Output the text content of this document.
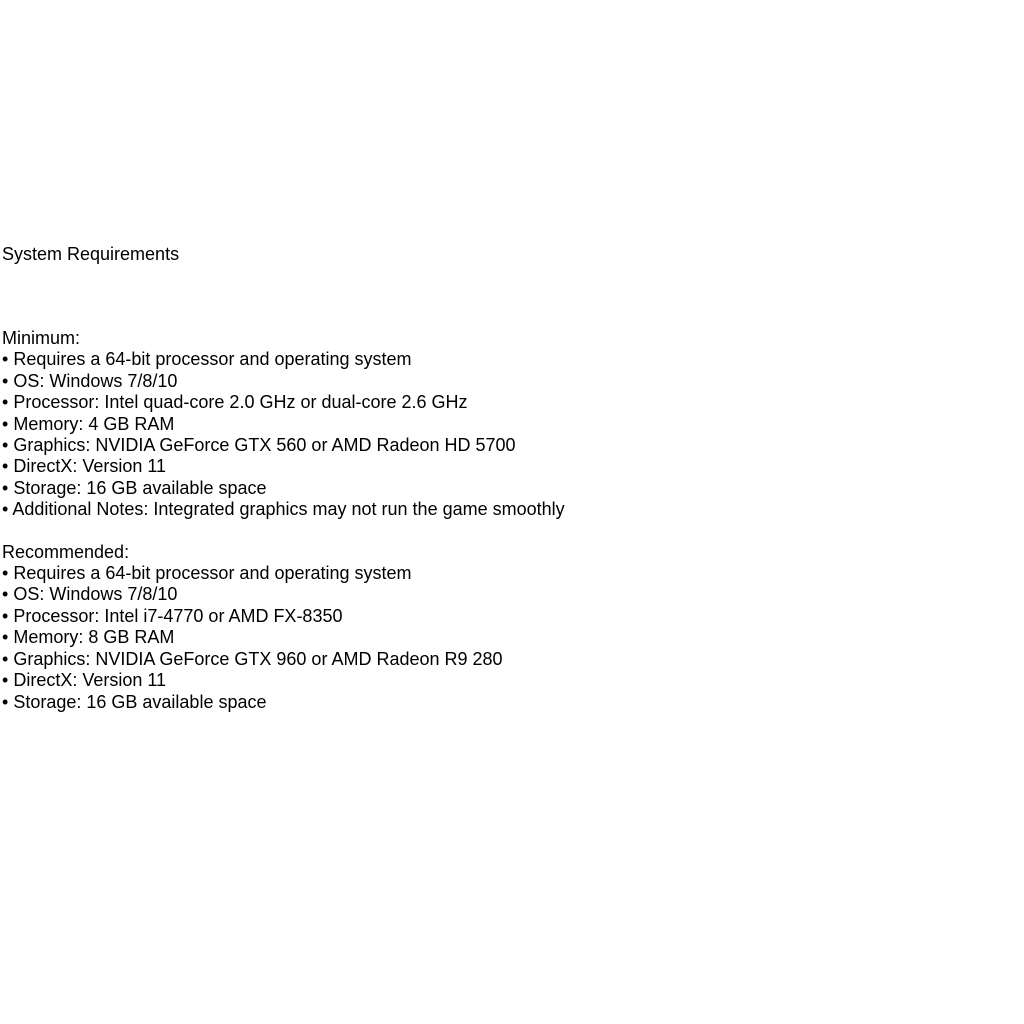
System Requirements
Minimum:
• Requires a 64-bit processor and operating system
• OS: Windows 7/8/10
• Processor: Intel quad-core 2.0 GHz or dual-core 2.6 GHz
• Memory: 4 GB RAM
• Graphics: NVIDIA GeForce GTX 560 or AMD Radeon HD 5700
• DirectX: Version 11
• Storage: 16 GB available space
• Additional Notes: Integrated graphics may not run the game smoothly
Recommended:
• Requires a 64-bit processor and operating system
• OS: Windows 7/8/10
• Processor: Intel i7-4770 or AMD FX-8350
• Memory: 8 GB RAM
• Graphics: NVIDIA GeForce GTX 960 or AMD Radeon R9 280
• DirectX: Version 11
• Storage: 16 GB available space
